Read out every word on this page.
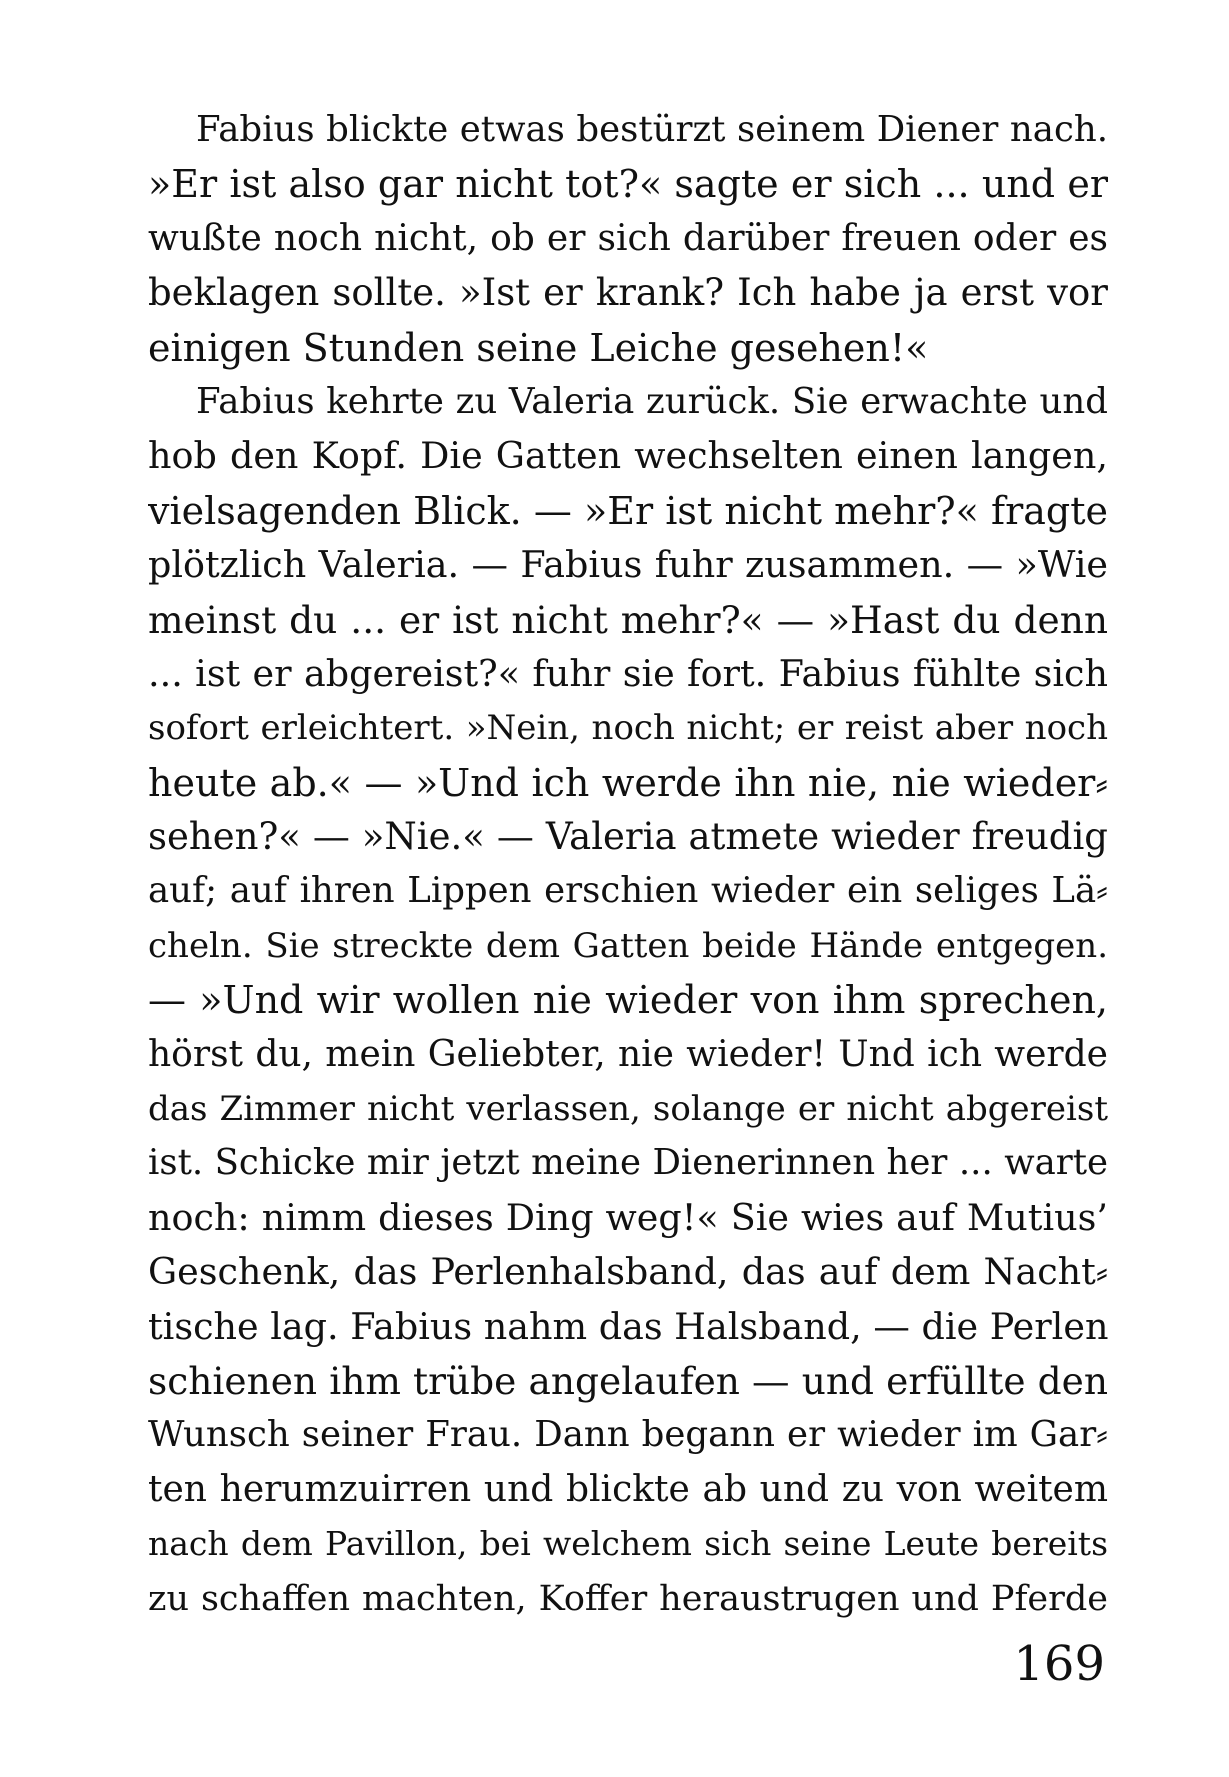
Fabius blickte etwas bestürzt seinem Diener nach.
»Er ist also gar nicht tot?« sagte er sich ... und er
wußte noch nicht, ob er sich darüber freuen oder es
beklagen sollte. »Ist er krank? Ich habe ja erst vor
einigen Stunden seine Leiche gesehen!«
Fabius kehrte zu Valeria zurück. Sie erwachte und
hob den Kopf. Die Gatten wechselten einen langen,
vielsagenden Blick. — »Er ist nicht mehr?« fragte
plötzlich Valeria. — Fabius fuhr zusammen. — »Wie
meinst du ... er ist nicht mehr?« — »Hast du denn
... ist er abgereist?« fuhr sie fort. Fabius fühlte sich
sofort erleichtert. »Nein, noch nicht; er reist aber noch
heute ab.« — »Und ich werde ihn nie, nie wieder⸗
sehen?« — »Nie.« — Valeria atmete wieder freudig
auf; auf ihren Lippen erschien wieder ein seliges Lä⸗
cheln. Sie streckte dem Gatten beide Hände entgegen.
— »Und wir wollen nie wieder von ihm sprechen,
hörst du, mein Geliebter, nie wieder! Und ich werde
das Zimmer nicht verlassen, solange er nicht abgereist
ist. Schicke mir jetzt meine Dienerinnen her ... warte
noch: nimm dieses Ding weg!« Sie wies auf Mutius’
Geschenk, das Perlenhalsband, das auf dem Nacht⸗
tische lag. Fabius nahm das Halsband, — die Perlen
schienen ihm trübe angelaufen — und erfüllte den
Wunsch seiner Frau. Dann begann er wieder im Gar⸗
ten herumzuirren und blickte ab und zu von weitem
nach dem Pavillon, bei welchem sich seine Leute bereits
zu schaffen machten, Koffer heraustrugen und Pferde
169
